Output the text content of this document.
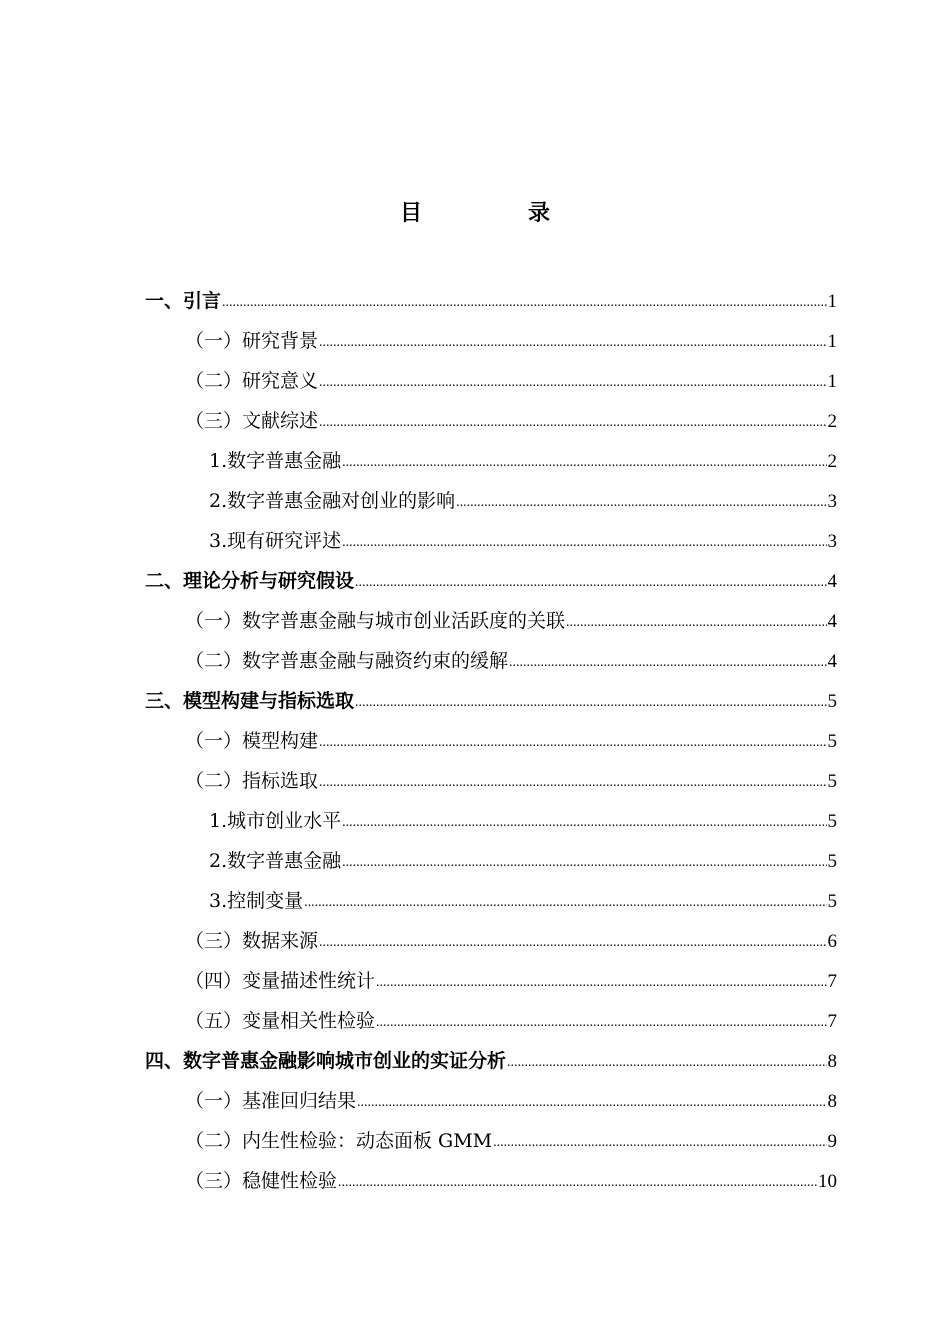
目　录
一、引言 .....	1
（一）研究背景 .....	1
（二）研究意义 .....	1
（三）文献综述 .....	2
1.数字普惠金融 .....	2
2.数字普惠金融对创业的影响 .....	3
3.现有研究评述 .....	3
二、理论分析与研究假设 .....	4
（一）数字普惠金融与城市创业活跃度的关联 .....	4
（二）数字普惠金融与融资约束的缓解 .....	4
三、模型构建与指标选取 .....	5
（一）模型构建 .....	5
（二）指标选取 .....	5
1.城市创业水平 .....	5
2.数字普惠金融 .....	5
3.控制变量 .....	5
（三）数据来源 .....	6
（四）变量描述性统计 .....	7
（五）变量相关性检验 .....	7
四、数字普惠金融影响城市创业的实证分析 .....	8
（一）基准回归结果 .....	8
（二）内生性检验：动态面板 GMM .....	9
（三）稳健性检验 .....	10
